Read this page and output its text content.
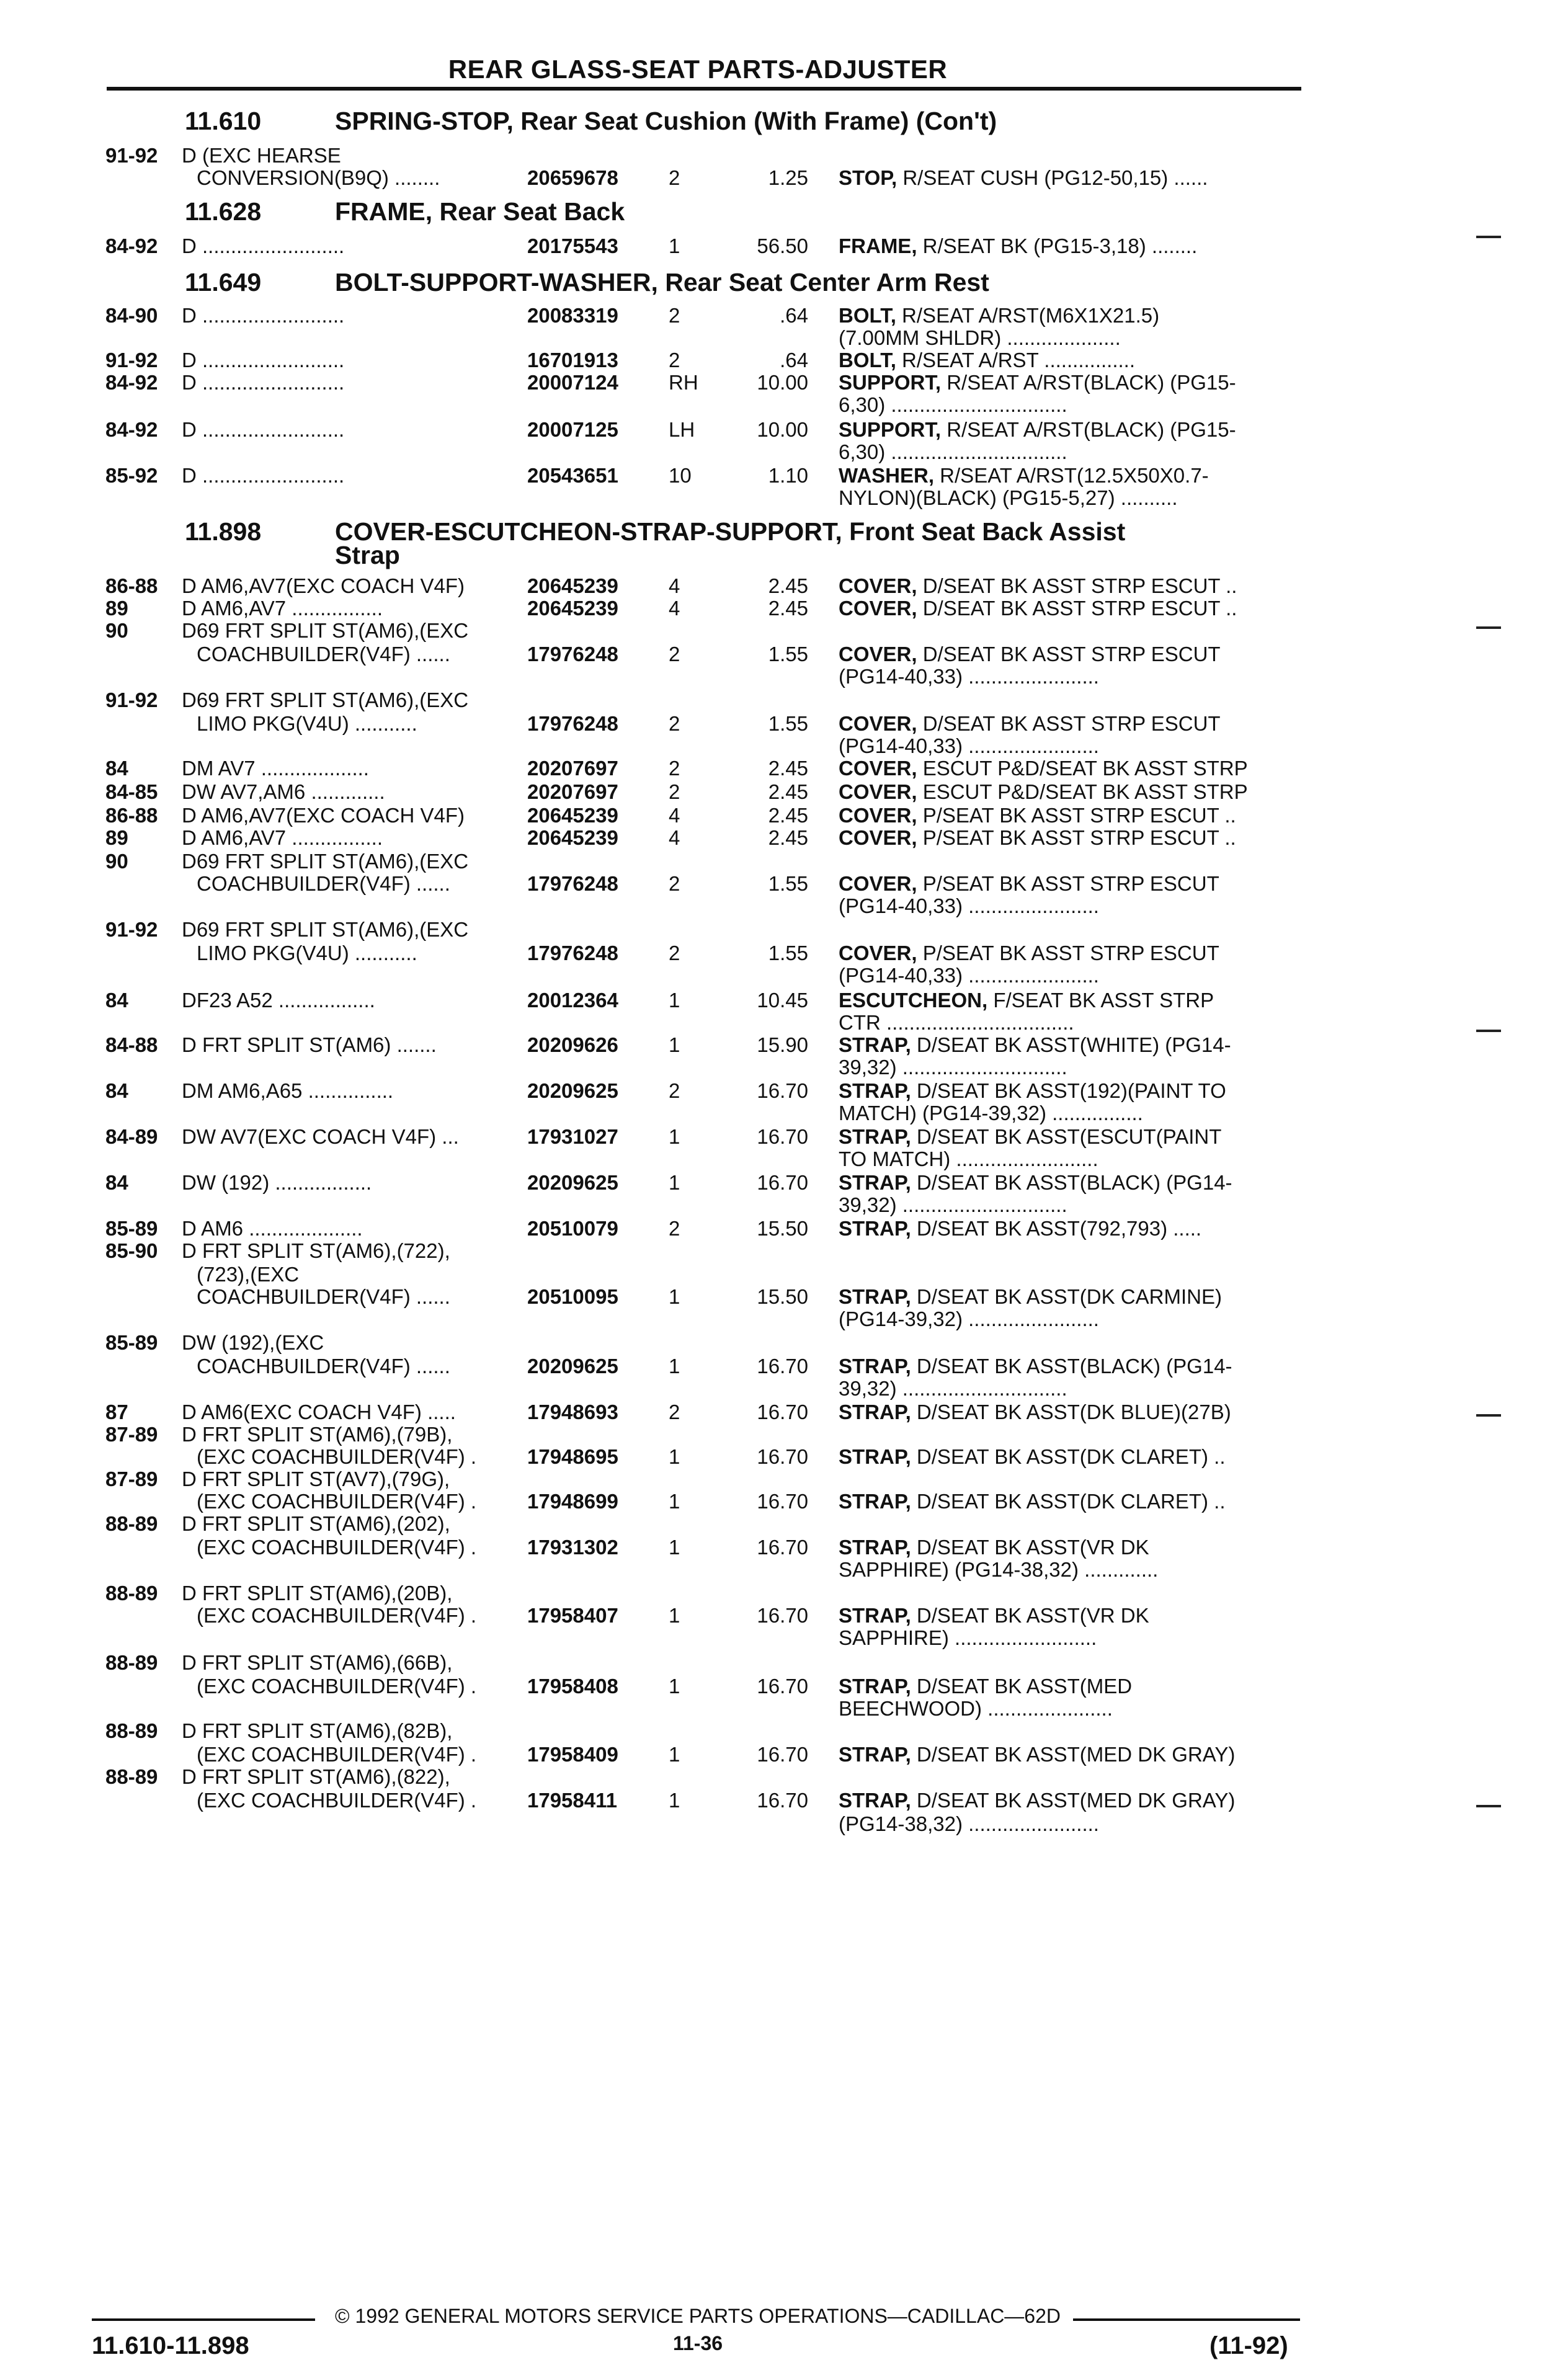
REAR GLASS-SEAT PARTS-ADJUSTER
11.610	SPRING-STOP, Rear Seat Cushion (With Frame) (Con't)
11.628	FRAME, Rear Seat Back
11.649	BOLT-SUPPORT-WASHER, Rear Seat Center Arm Rest
11.898	COVER-ESCUTCHEON-STRAP-SUPPORT, Front Seat Back Assist
Strap
91-92 D (EXC HEARSE
CONVERSION(B9Q) ........	20659678 2	1.25 STOP, R/SEAT CUSH (PG12-50,15) ......
84-92 D .........................	20175543 1	56.50 FRAME, R/SEAT BK (PG15-3,18) ........
84-90 D .........................	20083319 2	.64 BOLT, R/SEAT A/RST(M6X1X21.5)
(7.00MM SHLDR) ....................
91-92 D .........................	16701913 2	.64 BOLT, R/SEAT A/RST ................
84-92 D .........................	20007124 RH	10.00 SUPPORT, R/SEAT A/RST(BLACK) (PG15-
6,30) ...............................
84-92 D .........................	20007125 LH	10.00 SUPPORT, R/SEAT A/RST(BLACK) (PG15-
6,30) ...............................
85-92 D .........................	20543651 10	1.10 WASHER, R/SEAT A/RST(12.5X50X0.7-
NYLON)(BLACK) (PG15-5,27) ..........
86-88 D AM6,AV7(EXC COACH V4F)	20645239 4	2.45 COVER, D/SEAT BK ASST STRP ESCUT ..
89	D AM6,AV7 ................	20645239 4	2.45 COVER, D/SEAT BK ASST STRP ESCUT ..
90	D69 FRT SPLIT ST(AM6),(EXC
COACHBUILDER(V4F) ......	17976248 2	1.55 COVER, D/SEAT BK ASST STRP ESCUT
(PG14-40,33) .......................
91-92 D69 FRT SPLIT ST(AM6),(EXC
LIMO PKG(V4U) ...........	17976248 2	1.55 COVER, D/SEAT BK ASST STRP ESCUT
(PG14-40,33) .......................
84	DM AV7 ...................	20207697 2	2.45 COVER, ESCUT P&D/SEAT BK ASST STRP
84-85 DW AV7,AM6 .............	20207697 2	2.45 COVER, ESCUT P&D/SEAT BK ASST STRP
86-88 D AM6,AV7(EXC COACH V4F)	20645239 4	2.45 COVER, P/SEAT BK ASST STRP ESCUT ..
89	D AM6,AV7 ................	20645239 4	2.45 COVER, P/SEAT BK ASST STRP ESCUT ..
90	D69 FRT SPLIT ST(AM6),(EXC
COACHBUILDER(V4F) ......	17976248 2	1.55 COVER, P/SEAT BK ASST STRP ESCUT
(PG14-40,33) .......................
91-92 D69 FRT SPLIT ST(AM6),(EXC
LIMO PKG(V4U) ...........	17976248 2	1.55 COVER, P/SEAT BK ASST STRP ESCUT
(PG14-40,33) .......................
84	DF23 A52 .................	20012364 1	10.45 ESCUTCHEON, F/SEAT BK ASST STRP
CTR .................................
84-88 D FRT SPLIT ST(AM6) .......	20209626 1	15.90 STRAP, D/SEAT BK ASST(WHITE) (PG14-
39,32) .............................
84	DM AM6,A65 ...............	20209625 2	16.70 STRAP, D/SEAT BK ASST(192)(PAINT TO
MATCH) (PG14-39,32) ................
84-89 DW AV7(EXC COACH V4F) ...	17931027 1	16.70 STRAP, D/SEAT BK ASST(ESCUT(PAINT
TO MATCH) .........................
84	DW (192) .................	20209625 1	16.70 STRAP, D/SEAT BK ASST(BLACK) (PG14-
39,32) .............................
85-89 D AM6 ....................	20510079 2	15.50 STRAP, D/SEAT BK ASST(792,793) .....
85-90 D FRT SPLIT ST(AM6),(722),
(723),(EXC
COACHBUILDER(V4F) ......	20510095 1	15.50 STRAP, D/SEAT BK ASST(DK CARMINE)
(PG14-39,32) .......................
85-89 DW (192),(EXC
COACHBUILDER(V4F) ......	20209625 1	16.70 STRAP, D/SEAT BK ASST(BLACK) (PG14-
39,32) .............................
87	D AM6(EXC COACH V4F) .....	17948693 2	16.70 STRAP, D/SEAT BK ASST(DK BLUE)(27B)
87-89 D FRT SPLIT ST(AM6),(79B),
(EXC COACHBUILDER(V4F) . 17948695 1	16.70 STRAP, D/SEAT BK ASST(DK CLARET) ..
87-89 D FRT SPLIT ST(AV7),(79G),
(EXC COACHBUILDER(V4F) . 17948699 1	16.70 STRAP, D/SEAT BK ASST(DK CLARET) ..
88-89 D FRT SPLIT ST(AM6),(202),
(EXC COACHBUILDER(V4F) . 17931302 1	16.70 STRAP, D/SEAT BK ASST(VR DK
SAPPHIRE) (PG14-38,32) .............
88-89 D FRT SPLIT ST(AM6),(20B),
(EXC COACHBUILDER(V4F) . 17958407 1	16.70 STRAP, D/SEAT BK ASST(VR DK
SAPPHIRE) .........................
88-89 D FRT SPLIT ST(AM6),(66B),
(EXC COACHBUILDER(V4F) . 17958408 1	16.70 STRAP, D/SEAT BK ASST(MED
BEECHWOOD) ......................
88-89 D FRT SPLIT ST(AM6),(82B),
(EXC COACHBUILDER(V4F) . 17958409 1	16.70 STRAP, D/SEAT BK ASST(MED DK GRAY)
88-89 D FRT SPLIT ST(AM6),(822),
(EXC COACHBUILDER(V4F) . 17958411	1	16.70 STRAP, D/SEAT BK ASST(MED DK GRAY)
(PG14-38,32) .......................
© 1992 GENERAL MOTORS SERVICE PARTS OPERATIONS—CADILLAC—62D
11.610-11.898	11-36	(11-92)
